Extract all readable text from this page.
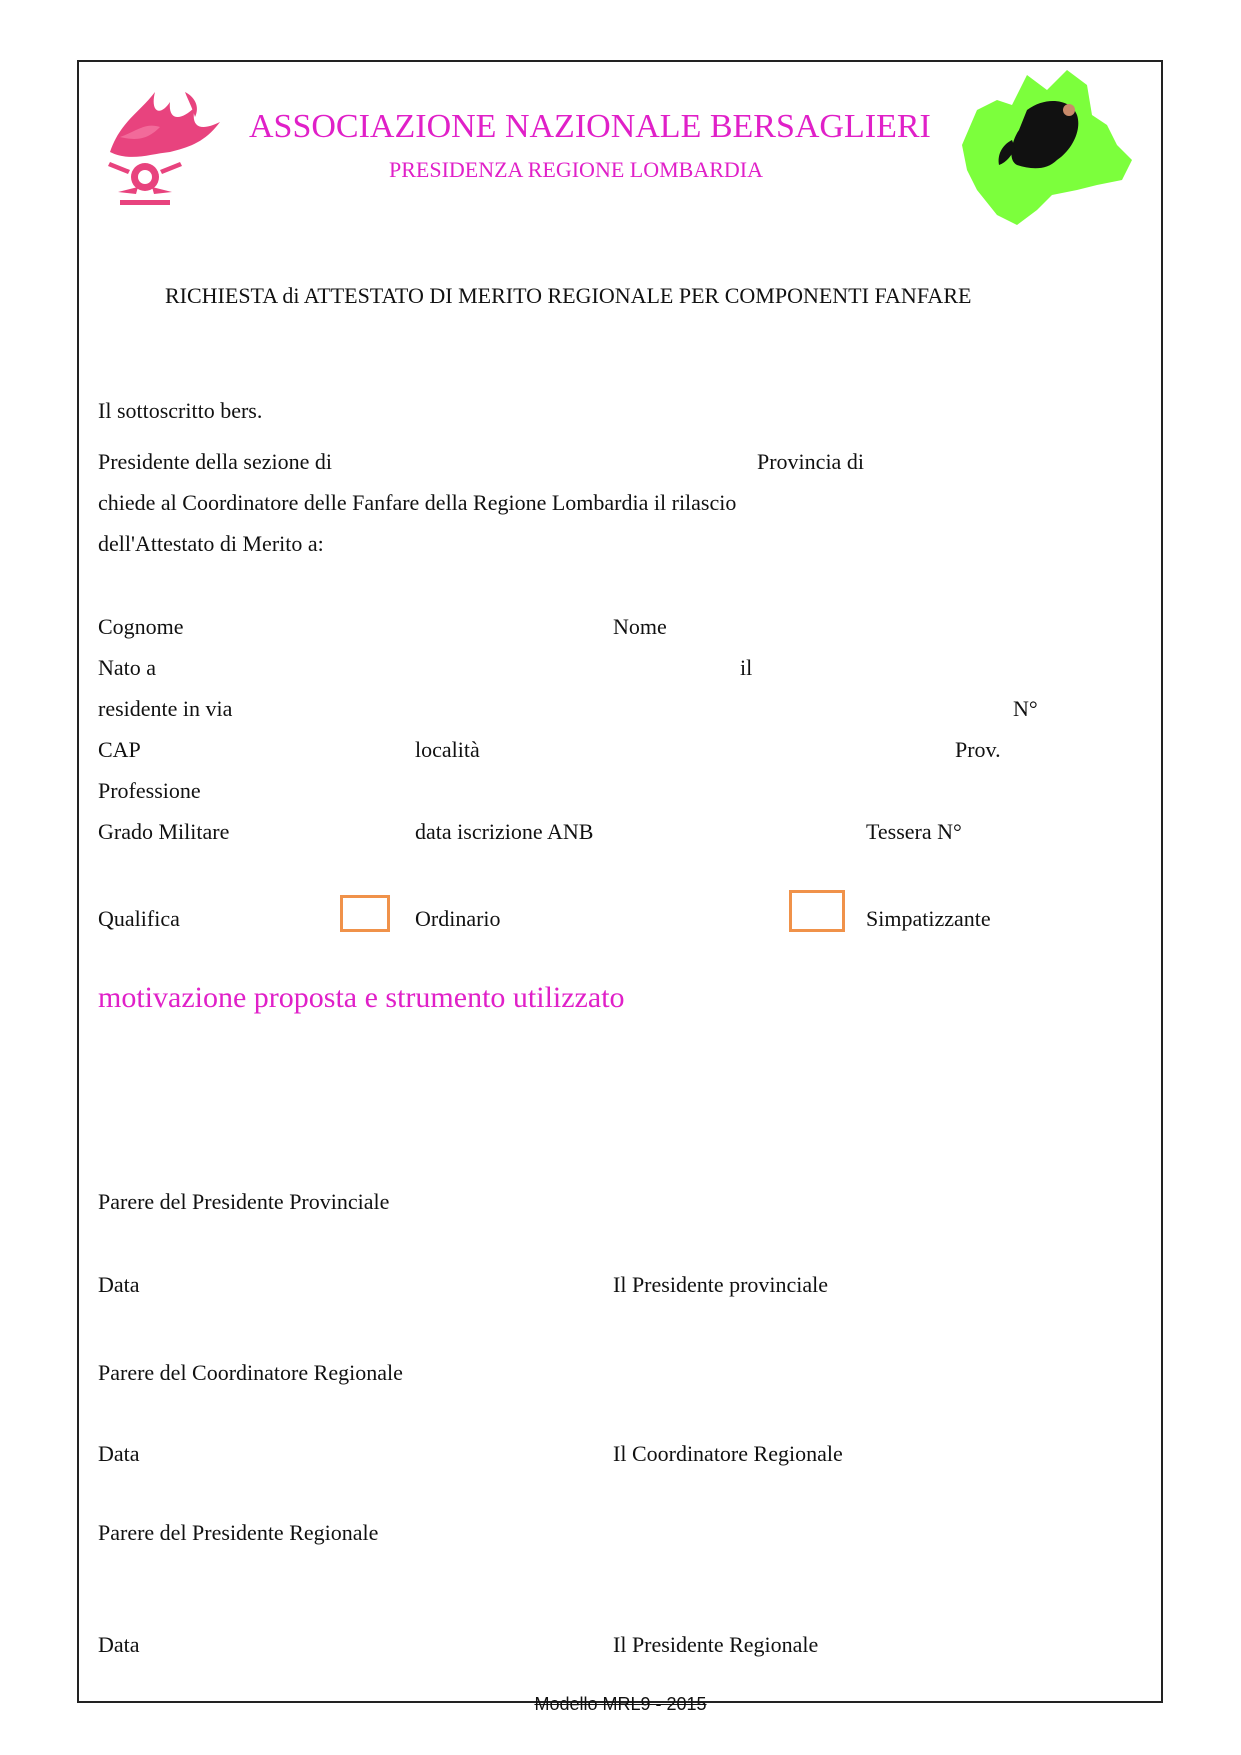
ASSOCIAZIONE NAZIONALE BERSAGLIERI
PRESIDENZA REGIONE LOMBARDIA
RICHIESTA di ATTESTATO DI MERITO REGIONALE PER COMPONENTI FANFARE
Il sottoscritto bers.
Presidente della sezione di	Provincia di
chiede al Coordinatore delle Fanfare della Regione Lombardia il rilascio
dell'Attestato di Merito a:
Cognome	Nome
Nato a	il
residente in via	N°
CAP	località	Prov.
Professione
Grado Militare	data iscrizione ANB	Tessera N°
Qualifica	Ordinario	Simpatizzante
motivazione proposta e strumento utilizzato
Parere del Presidente Provinciale
Data	Il Presidente provinciale
Parere del Coordinatore Regionale
Data	Il Coordinatore Regionale
Parere del Presidente Regionale
Data	Il Presidente Regionale
Modello MRL9 - 2015
